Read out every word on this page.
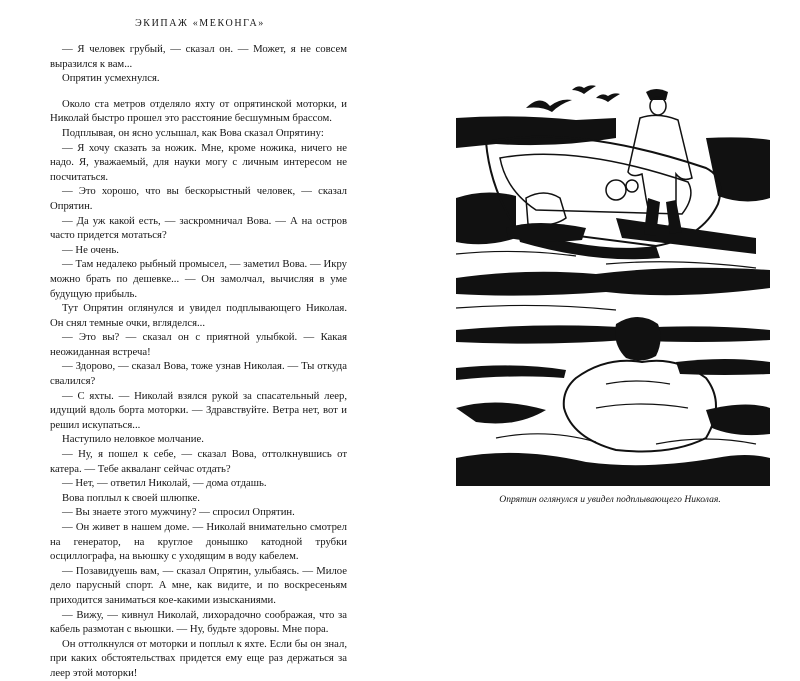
ЭКИПАЖ «МЕКОНГА»

— Я человек грубый, — сказал он. — Может, я не совсем выразился к вам...

Опрятин усмехнулся.

Около ста метров отделяло яхту от опрятинской моторки, и Николай быстро прошел это расстояние бесшумным брассом.

Подплывая, он ясно услышал, как Вова сказал Опрятину:

— Я хочу сказать за ножик. Мне, кроме ножика, ничего не надо. Я, уважаемый, для науки могу с личным интересом не посчитаться.

— Это хорошо, что вы бескорыстный человек, — сказал Опрятин.

— Да уж какой есть, — заскромничал Вова. — А на остров часто придется мотаться?

— Не очень.

— Там недалеко рыбный промысел, — заметил Вова. — Икру можно брать по дешевке... — Он замолчал, вычисляя в уме будущую прибыль.

Тут Опрятин оглянулся и увидел подплывающего Николая. Он снял темные очки, вгляделся...

— Это вы? — сказал он с приятной улыбкой. — Какая неожиданная встреча!

— Здорово, — сказал Вова, тоже узнав Николая. — Ты откуда свалился?

— С яхты. — Николай взялся рукой за спасательный леер, идущий вдоль борта моторки. — Здравствуйте. Ветра нет, вот и решил искупаться...

Наступило неловкое молчание.

— Ну, я пошел к себе, — сказал Вова, оттолкнувшись от катера. — Тебе акваланг сейчас отдать?

— Нет, — ответил Николай, — дома отдашь.

Вова поплыл к своей шлюпке.

— Вы знаете этого мужчину? — спросил Опрятин.

— Он живет в нашем доме. — Николай внимательно смотрел на генератор, на круглое донышко катодной трубки осциллографа, на вьюшку с уходящим в воду кабелем.

— Позавидуешь вам, — сказал Опрятин, улыбаясь. — Милое дело парусный спорт. А мне, как видите, и по воскресеньям приходится заниматься кое-какими изысканиями.

— Вижу, — кивнул Николай, лихорадочно соображая, что за кабель размотан с вьюшки. — Ну, будьте здоровы. Мне пора.

Он оттолкнулся от моторки и поплыл к яхте. Если бы он знал, при каких обстоятельствах придется ему еще раз держаться за леер этой моторки!

Опрятин оглянулся и увидел подплывающего Николая.
